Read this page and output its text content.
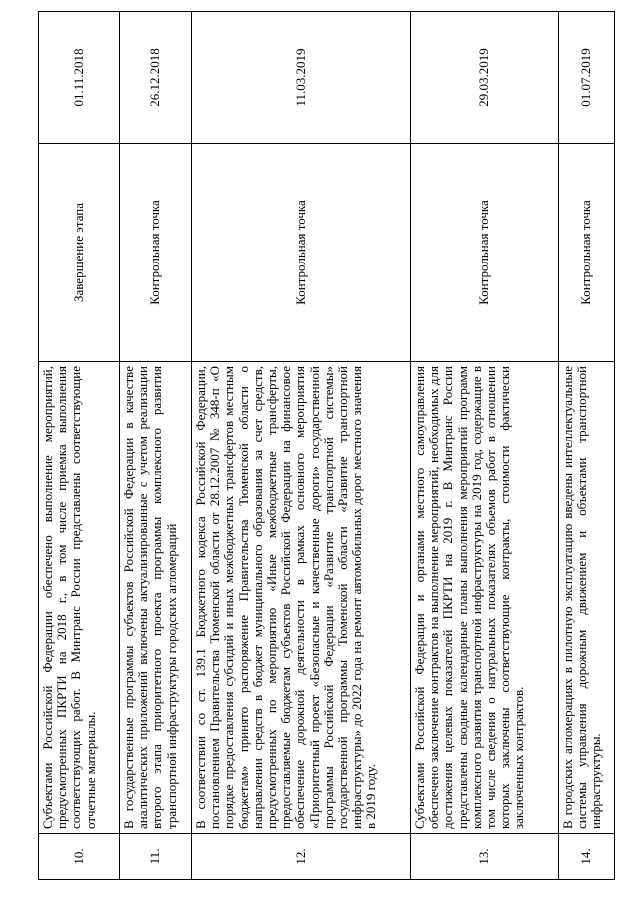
10.	Субъектами Российской Федерации обеспечено выполнение мероприятий, предусмотренных ПКРТИ на 2018 г., в том числе приемка выполнения соответствующих работ. В Минтранс России представлены соответствующие отчетные материалы.	Завершение этапа	01.11.2018
11.	В государственные программы субъектов Российской Федерации в качестве аналитических приложений включены актуализированные с учетом реализации второго этапа приоритетного проекта программы комплексного развития транспортной инфраструктуры городских агломераций	Контрольная точка	26.12.2018
12.	В соответствии со ст. 139.1 Бюджетного кодекса Российской Федерации, постановлением Правительства Тюменской области от 28.12.2007 № 348-п «О порядке предоставления субсидий и иных межбюджетных трансфертов местным бюджетам» принято распоряжение Правительства Тюменской области о направлении средств в бюджет муниципального образования за счет средств, предусмотренных по мероприятию «Иные межбюджетные трансферты, предоставляемые бюджетам субъектов Российской Федерации на финансовое обеспечение дорожной деятельности в рамках основного мероприятия «Приоритетный проект «Безопасные и качественные дороги» государственной программы Российской Федерации «Развитие транспортной системы» государственной программы Тюменской области «Развитие транспортной инфраструктуры» до 2022 года на ремонт автомобильных дорог местного значения в 2019 году.	Контрольная точка	11.03.2019
13.	Субъектами Российской Федерации и органами местного самоуправления обеспечено заключение контрактов на выполнение мероприятий, необходимых для достижения целевых показателей ПКРТИ на 2019 г. В Минтранс России представлены сводные календарные планы выполнения мероприятий программ комплексного развития транспортной инфраструктуры на 2019 год, содержащие в том числе сведения о натуральных показателях объемов работ в отношении которых заключены соответствующие контракты, стоимости фактически заключенных контрактов.	Контрольная точка	29.03.2019
14.	В городских агломерациях в пилотную эксплуатацию введены интеллектуальные системы управления дорожным движением и объектами транспортной инфраструктуры.	Контрольная точка	01.07.2019
